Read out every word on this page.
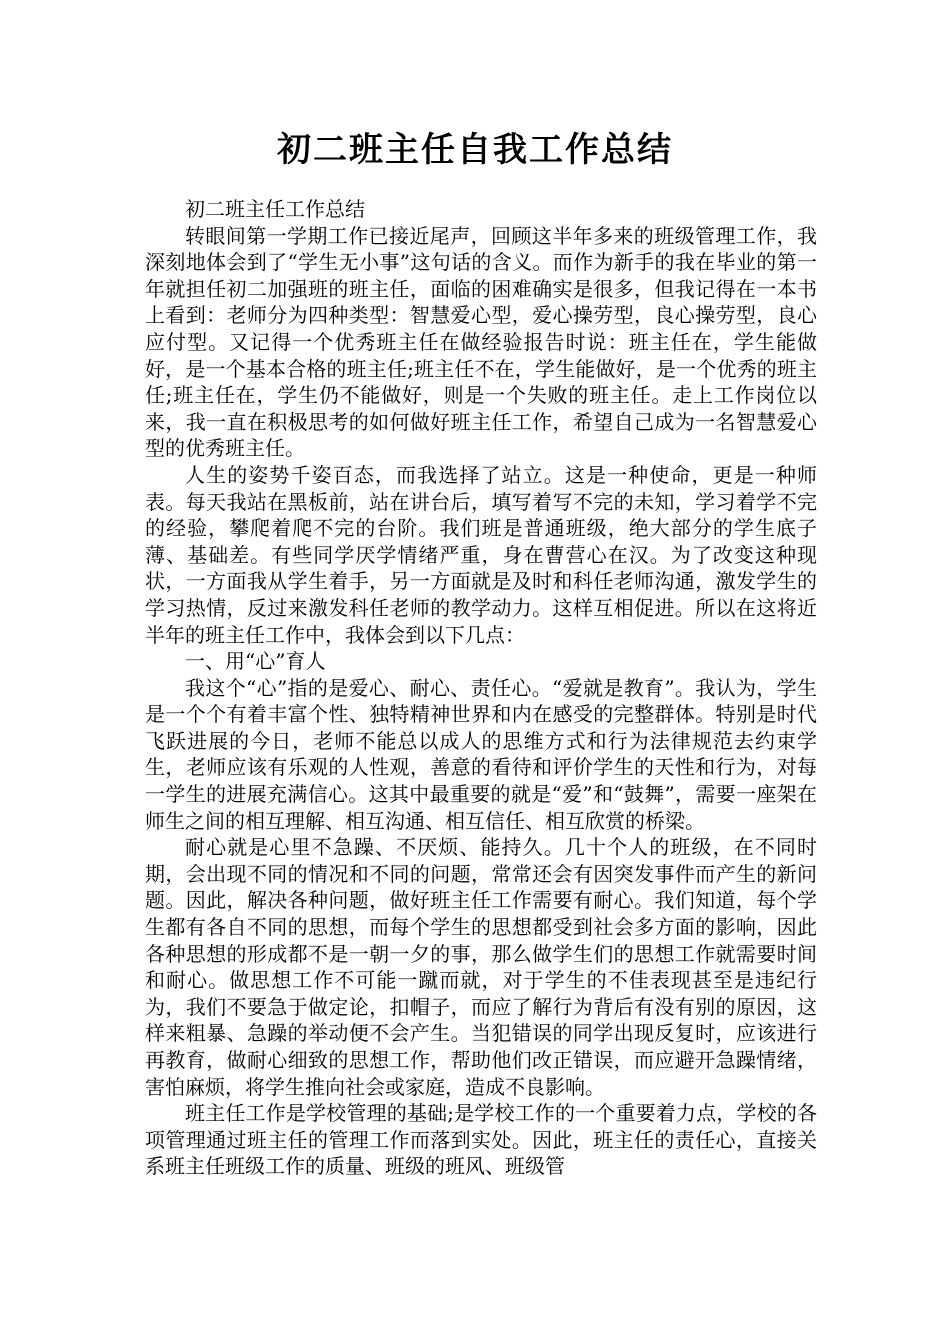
初二班主任自我工作总结

初二班主任工作总结

转眼间第一学期工作已接近尾声，回顾这半年多来的班级管理工作，我深刻地体会到了“学生无小事”这句话的含义。而作为新手的我在毕业的第一年就担任初二加强班的班主任，面临的困难确实是很多，但我记得在一本书上看到：老师分为四种类型：智慧爱心型，爱心操劳型，良心操劳型，良心应付型。又记得一个优秀班主任在做经验报告时说：班主任在，学生能做好，是一个基本合格的班主任;班主任不在，学生能做好，是一个优秀的班主任;班主任在，学生仍不能做好，则是一个失败的班主任。走上工作岗位以来，我一直在积极思考的如何做好班主任工作，希望自己成为一名智慧爱心型的优秀班主任。

人生的姿势千姿百态，而我选择了站立。这是一种使命，更是一种师表。每天我站在黑板前，站在讲台后，填写着写不完的未知，学习着学不完的经验，攀爬着爬不完的台阶。我们班是普通班级，绝大部分的学生底子薄、基础差。有些同学厌学情绪严重，身在曹营心在汉。为了改变这种现状，一方面我从学生着手，另一方面就是及时和科任老师沟通，激发学生的学习热情，反过来激发科任老师的教学动力。这样互相促进。所以在这将近半年的班主任工作中，我体会到以下几点：

一、用“心”育人

我这个“心”指的是爱心、耐心、责任心。“爱就是教育”。我认为，学生是一个个有着丰富个性、独特精神世界和内在感受的完整群体。特别是时代飞跃进展的今日，老师不能总以成人的思维方式和行为法律规范去约束学生，老师应该有乐观的人性观，善意的看待和评价学生的天性和行为，对每一学生的进展充满信心。这其中最重要的就是“爱”和“鼓舞”，需要一座架在师生之间的相互理解、相互沟通、相互信任、相互欣赏的桥梁。

耐心就是心里不急躁、不厌烦、能持久。几十个人的班级，在不同时期，会出现不同的情况和不同的问题，常常还会有因突发事件而产生的新问题。因此，解决各种问题，做好班主任工作需要有耐心。我们知道，每个学生都有各自不同的思想，而每个学生的思想都受到社会多方面的影响，因此各种思想的形成都不是一朝一夕的事，那么做学生们的思想工作就需要时间和耐心。做思想工作不可能一蹴而就，对于学生的不佳表现甚至是违纪行为，我们不要急于做定论，扣帽子，而应了解行为背后有没有别的原因，这样来粗暴、急躁的举动便不会产生。当犯错误的同学出现反复时，应该进行再教育，做耐心细致的思想工作，帮助他们改正错误，而应避开急躁情绪，害怕麻烦，将学生推向社会或家庭，造成不良影响。

班主任工作是学校管理的基础;是学校工作的一个重要着力点，学校的各项管理通过班主任的管理工作而落到实处。因此，班主任的责任心，直接关系班主任班级工作的质量、班级的班风、班级管
